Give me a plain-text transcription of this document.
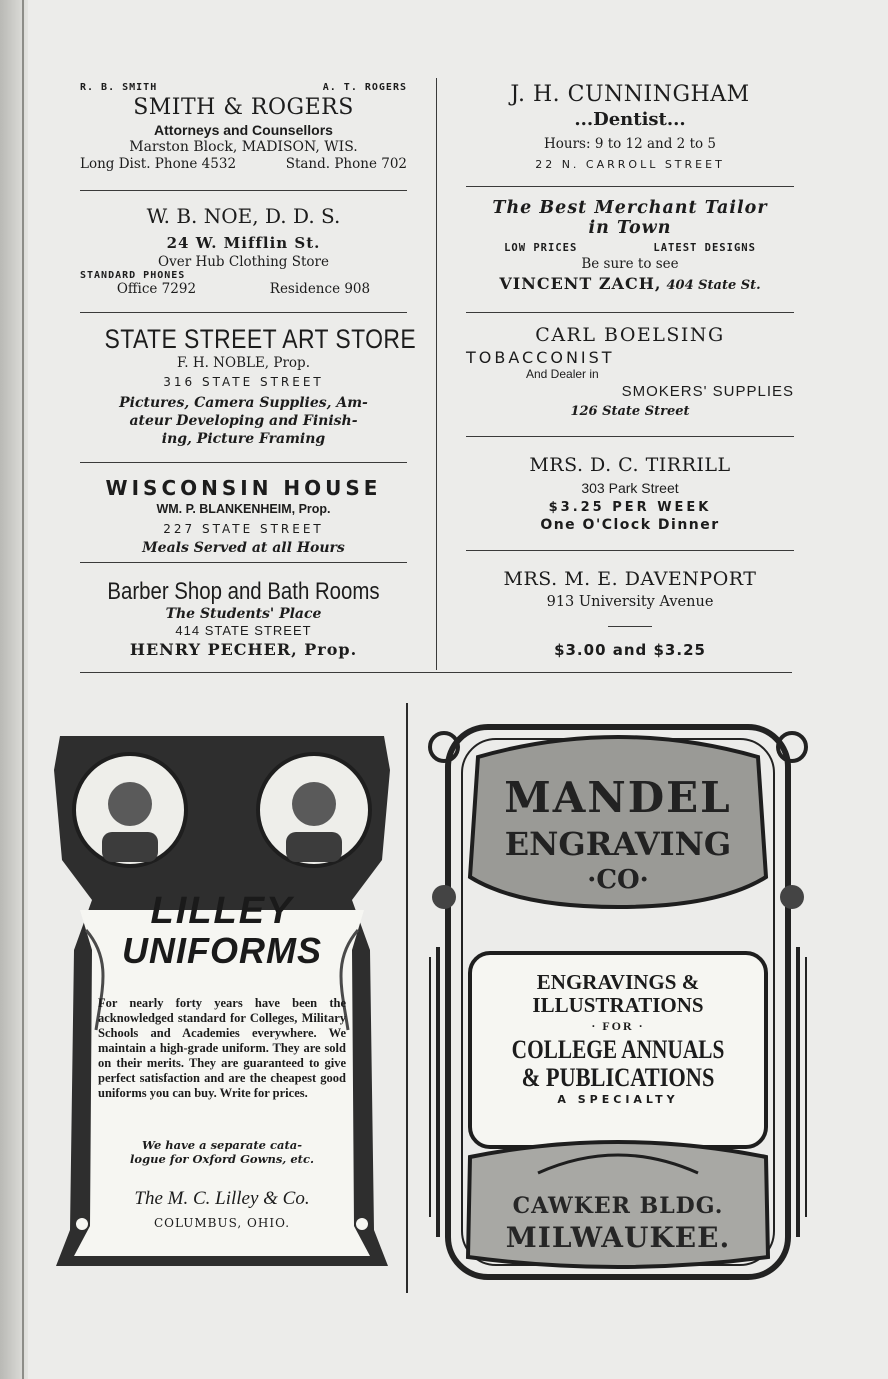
R. B. SMITH	A. T. ROGERS
SMITH & ROGERS
Attorneys and Counsellors
Marston Block, MADISON, WIS.
Long Dist. Phone 4532	Stand. Phone 702
W. B. NOE, D. D. S.
24 W. Mifflin St.
Over Hub Clothing Store
STANDARD PHONES
Office 7292	Residence 908
STATE STREET ART STORE
F. H. NOBLE, Prop.
316 STATE STREET
Pictures, Camera Supplies, Am-
ateur Developing and Finish-
ing, Picture Framing
WISCONSIN HOUSE
WM. P. BLANKENHEIM, Prop.
227 STATE STREET
Meals Served at all Hours
Barber Shop and Bath Rooms
The Students' Place
414 STATE STREET
HENRY PECHER, Prop.
J. H. CUNNINGHAM
...Dentist...
Hours: 9 to 12 and 2 to 5
22 N. CARROLL STREET
The Best Merchant Tailor
in Town
LOW PRICES	LATEST DESIGNS
Be sure to see
VINCENT ZACH, 404 State St.
CARL BOELSING
TOBACCONIST
And Dealer in
SMOKERS' SUPPLIES
126 State Street
MRS. D. C. TIRRILL
303 Park Street
$3.25 PER WEEK
One O'Clock Dinner
MRS. M. E. DAVENPORT
913 University Avenue
$3.00 and $3.25
LILLEY
UNIFORMS
For nearly forty years have been the acknowledged standard for Colleges, Military Schools and Academies everywhere. We maintain a high-grade uniform. They are sold on their merits. They are guaranteed to give perfect satisfaction and are the cheapest good uniforms you can buy. Write for prices.
We have a separate cata-
logue for Oxford Gowns, etc.
The M. C. Lilley & Co.
COLUMBUS, OHIO.
MANDEL
ENGRAVING
·CO·
ENGRAVINGS &
ILLUSTRATIONS
· FOR ·
COLLEGE ANNUALS
& PUBLICATIONS
A SPECIALTY
CAWKER BLDG.
MILWAUKEE.
